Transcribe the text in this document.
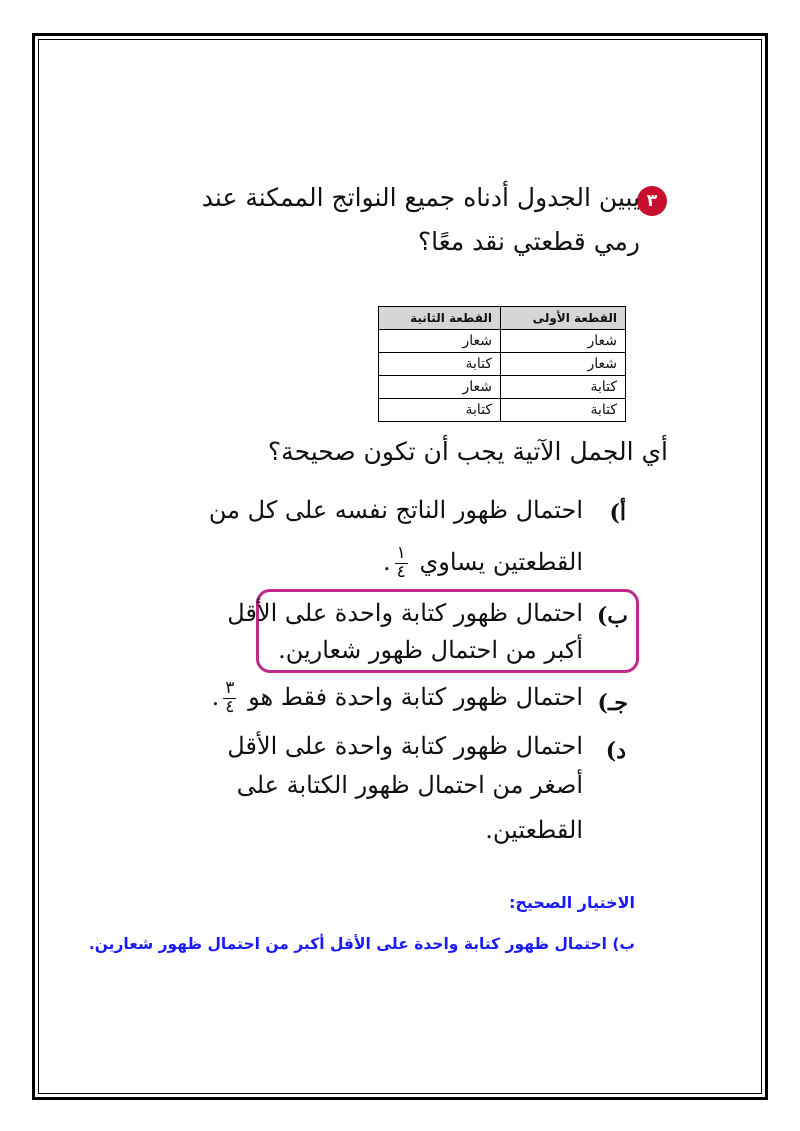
٣
يبين الجدول أدناه جميع النواتج الممكنة عند
رمي قطعتي نقد معًا؟
القطعة الأولى	القطعة الثانية
شعار	شعار
شعار	كتابة
كتابة	شعار
كتابة	كتابة
أي الجمل الآتية يجب أن تكون صحيحة؟
أ)
احتمال ظهور الناتج نفسه على كل من
القطعتين يساوي
$\frac{١}{٤}$
.
ب)
احتمال ظهور كتابة واحدة على الأقل
أكبر من احتمال ظهور شعارين.
جـ)
احتمال ظهور كتابة واحدة فقط هو
$\frac{٣}{٤}$
.
د)
احتمال ظهور كتابة واحدة على الأقل
أصغر من احتمال ظهور الكتابة على
القطعتين.
الاختيار الصحيح:
ب) احتمال ظهور كتابة واحدة على الأقل أكبر من احتمال ظهور شعارين.
